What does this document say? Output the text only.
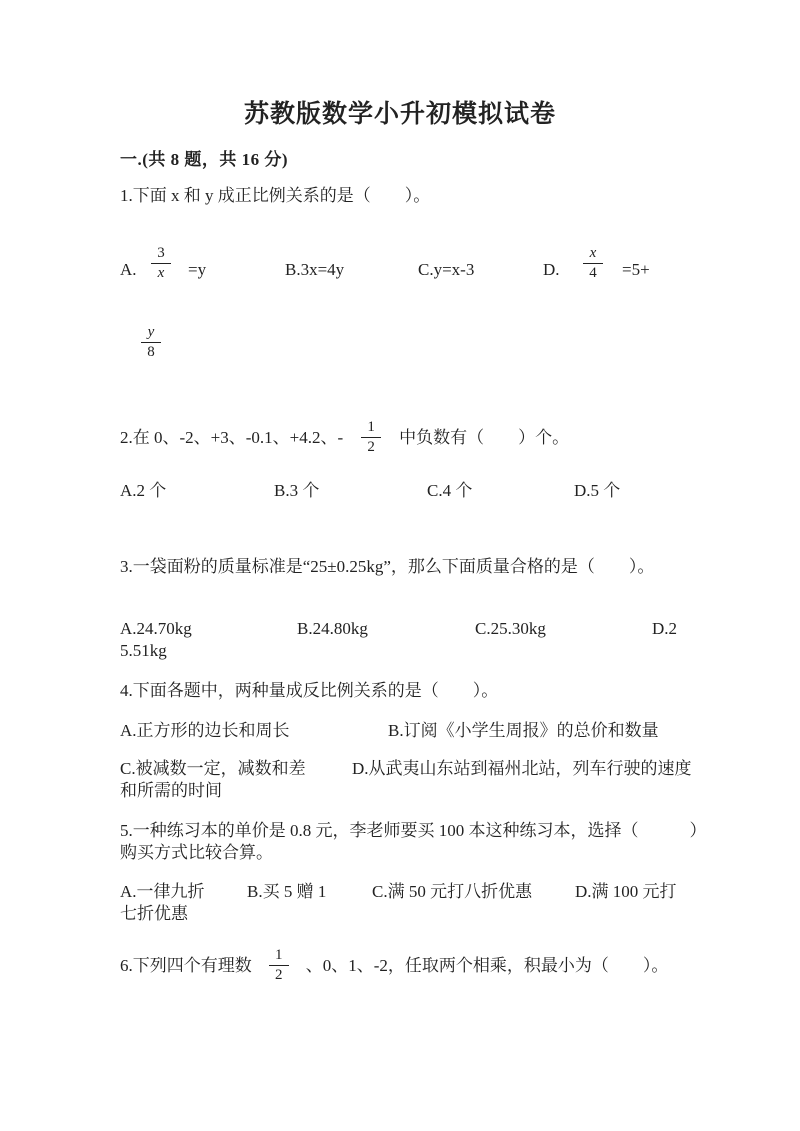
苏教版数学小升初模拟试卷
一.(共 8 题，共 16 分)
1.下面 x 和 y 成正比例关系的是（　　）。
A. $\frac{3}{x} =y$	B.3x=4y	C.y=x-3	D. $\frac{x}{4} =5+$
$\frac{y}{8}$
2.在 0、-2、+3、-0.1、+4.2、- $\frac{1}{2}$ 中负数有（　　）个。
A.2 个	B.3 个	C.4 个	D.5 个
3.一袋面粉的质量标准是“25±0.25kg”，那么下面质量合格的是（　　）。
A.24.70kg	B.24.80kg	C.25.30kg	D.2
5.51kg
4.下面各题中，两种量成反比例关系的是（　　）。
A.正方形的边长和周长	B.订阅《小学生周报》的总价和数量
C.被减数一定，减数和差	D.从武夷山东站到福州北站，列车行驶的速度
和所需的时间
5.一种练习本的单价是 0.8 元，李老师要买 100 本这种练习本，选择（　　　）
购买方式比较合算。
A.一律九折 B.买 5 赠 1	C.满 50 元打八折优惠	D.满 100 元打
七折优惠
6.下列四个有理数 $\frac{1}{2}$ 、0、1、-2，任取两个相乘，积最小为（　　）。
